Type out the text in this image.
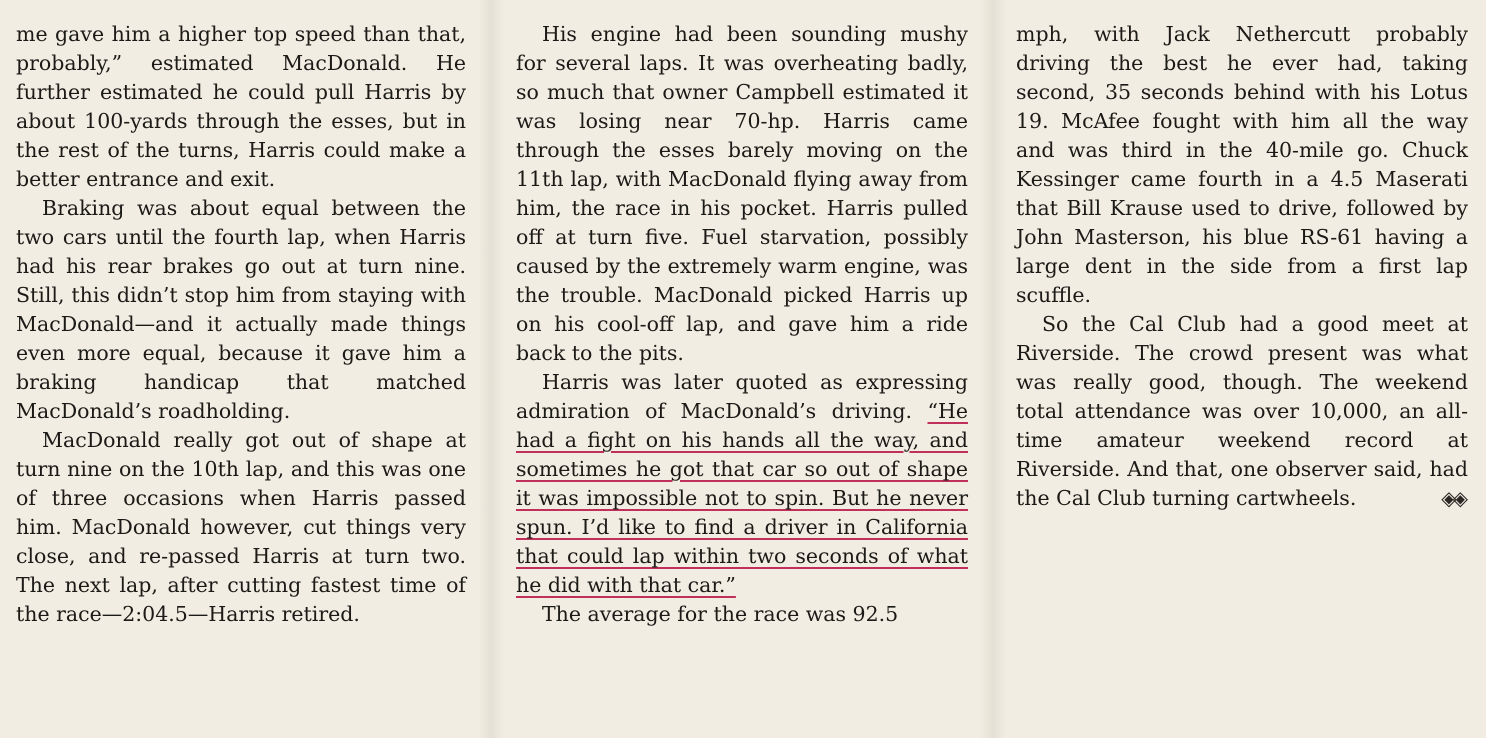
me gave him a higher top speed than that, probably,” estimated MacDonald. He further estimated he could pull Harris by about 100-yards through the esses, but in the rest of the turns, Harris could make a better entrance and exit.

Braking was about equal between the two cars until the fourth lap, when Harris had his rear brakes go out at turn nine. Still, this didn’t stop him from staying with MacDonald—and it actually made things even more equal, because it gave him a braking handicap that matched MacDonald’s roadholding.

MacDonald really got out of shape at turn nine on the 10th lap, and this was one of three occasions when Harris passed him. MacDonald however, cut things very close, and re-passed Harris at turn two. The next lap, after cutting fastest time of the race—2:04.5—Harris retired.

His engine had been sounding mushy for several laps. It was overheating badly, so much that owner Campbell estimated it was losing near 70-hp. Harris came through the esses barely moving on the 11th lap, with MacDonald flying away from him, the race in his pocket. Harris pulled off at turn five. Fuel starvation, possibly caused by the extremely warm engine, was the trouble. MacDonald picked Harris up on his cool-off lap, and gave him a ride back to the pits.

Harris was later quoted as expressing admiration of MacDonald’s driving. “He had a fight on his hands all the way, and sometimes he got that car so out of shape it was impossible not to spin. But he never spun. I’d like to find a driver in California that could lap within two seconds of what he did with that car.”

The average for the race was 92.5

mph, with Jack Nethercutt probably driving the best he ever had, taking second, 35 seconds behind with his Lotus 19. McAfee fought with him all the way and was third in the 40-mile go. Chuck Kessinger came fourth in a 4.5 Maserati that Bill Krause used to drive, followed by John Masterson, his blue RS-61 having a large dent in the side from a first lap scuffle.

So the Cal Club had a good meet at Riverside. The crowd present was what was really good, though. The weekend total attendance was over 10,000, an all-time amateur weekend record at Riverside. And that, one observer said, had the Cal Club turning cartwheels.	◈◈
